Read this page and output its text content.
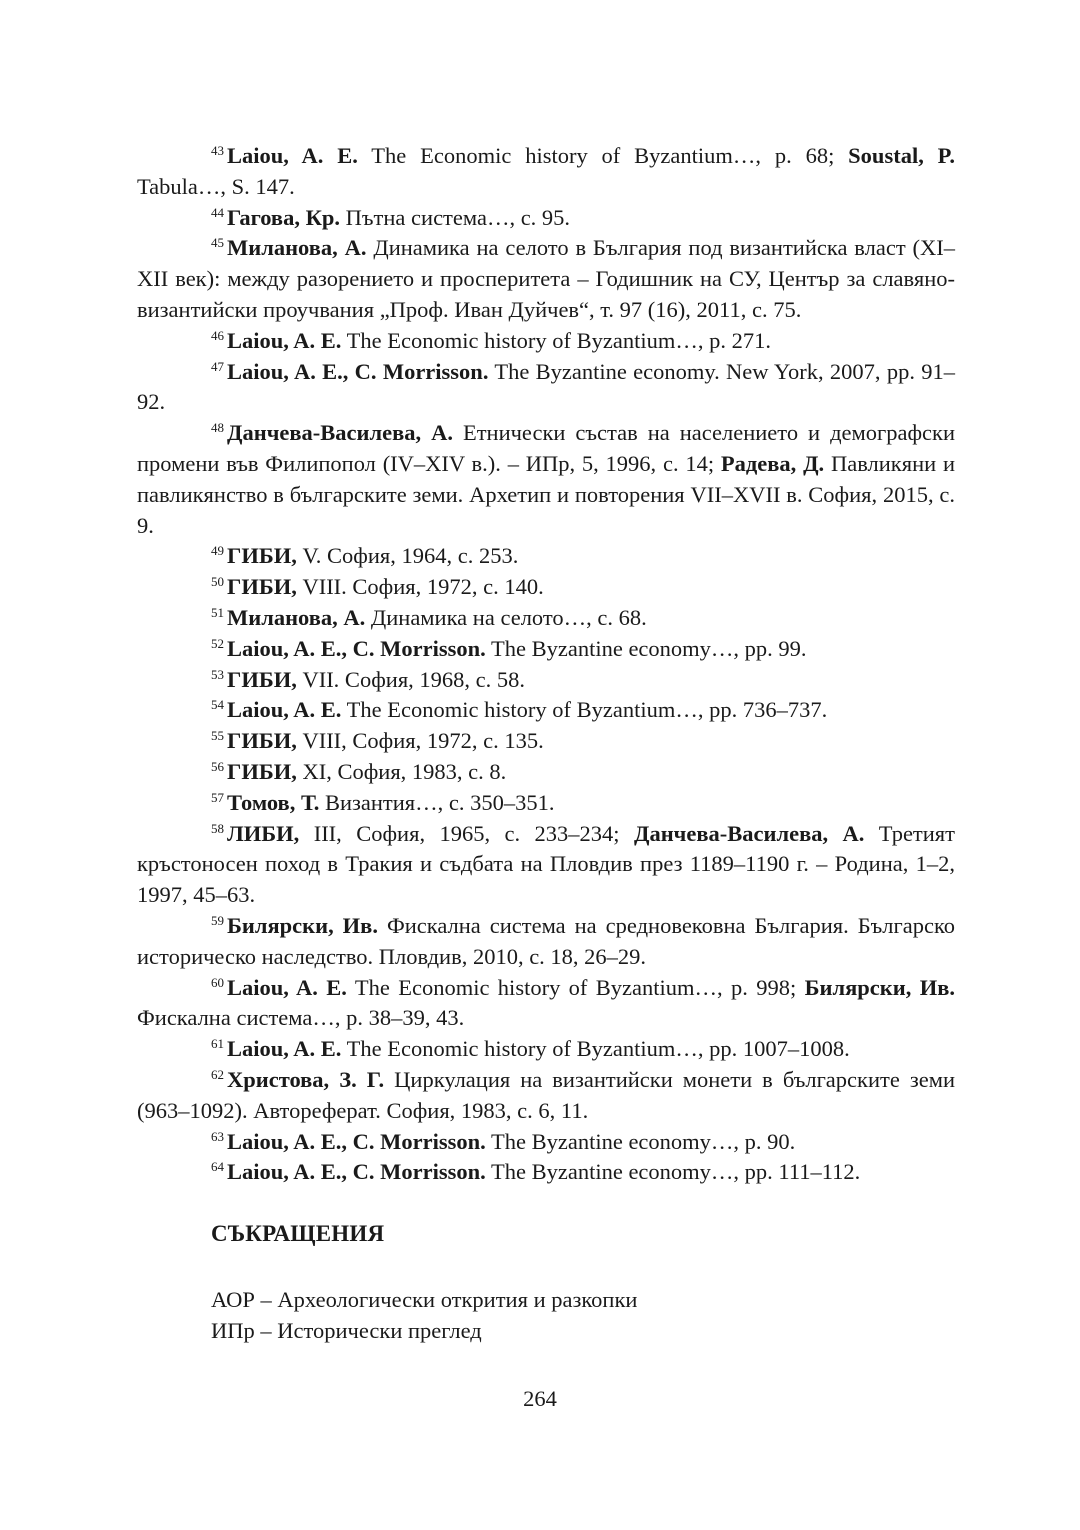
$^{43}$ Laiou, A. E. The Economic history of Byzantium…, p. 68; Soustal, P. Tabula…, S. 147.

$^{44}$ Гагова, Кр. Пътна система…, с. 95.

$^{45}$ Миланова, А. Динамика на селото в България под византийска власт (XI–XII век): между разорението и просперитета – Годишник на СУ, Център за славяно-византийски проучвания „Проф. Иван Дуйчев“, т. 97 (16), 2011, с. 75.

$^{46}$ Laiou, A. E. The Economic history of Byzantium…, p. 271.

$^{47}$ Laiou, A. E., C. Morrisson. The Byzantine economy. New York, 2007, pp. 91–92.

$^{48}$ Данчева-Василева, А. Етнически състав на населението и демографски промени във Филипопол (IV–XIV в.). – ИПр, 5, 1996, с. 14; Радева, Д. Павликяни и павликянство в българските земи. Архетип и повторения VII–XVII в. София, 2015, с. 9.

$^{49}$ ГИБИ, V. София, 1964, с. 253.

$^{50}$ ГИБИ, VIII. София, 1972, с. 140.

$^{51}$ Миланова, А. Динамика на селото…, с. 68.

$^{52}$ Laiou, A. E., C. Morrisson. The Byzantine economy…, pp. 99.

$^{53}$ ГИБИ, VII. София, 1968, с. 58.

$^{54}$ Laiou, A. E. The Economic history of Byzantium…, pp. 736–737.

$^{55}$ ГИБИ, VIII, София, 1972, с. 135.

$^{56}$ ГИБИ, XI, София, 1983, с. 8.

$^{57}$ Томов, Т. Византия…, с. 350–351.

$^{58}$ ЛИБИ, III, София, 1965, с. 233–234; Данчева-Василева, А. Третият кръстоносен поход в Тракия и съдбата на Пловдив през 1189–1190 г. – Родина, 1–2, 1997, 45–63.

$^{59}$ Билярски, Ив. Фискална система на средновековна България. Българско историческо наследство. Пловдив, 2010, с. 18, 26–29.

$^{60}$ Laiou, A. E. The Economic history of Byzantium…, p. 998; Билярски, Ив. Фискална система…, p. 38–39, 43.

$^{61}$ Laiou, A. E. The Economic history of Byzantium…, pp. 1007–1008.

$^{62}$ Христова, З. Г. Циркулация на византийски монети в българските земи (963–1092). Автореферат. София, 1983, с. 6, 11.

$^{63}$ Laiou, A. E., C. Morrisson. The Byzantine economy…, p. 90.

$^{64}$ Laiou, A. E., C. Morrisson. The Byzantine economy…, pp. 111–112.

СЪКРАЩЕНИЯ

АОР – Археологически открития и разкопки

ИПр – Исторически преглед

264
